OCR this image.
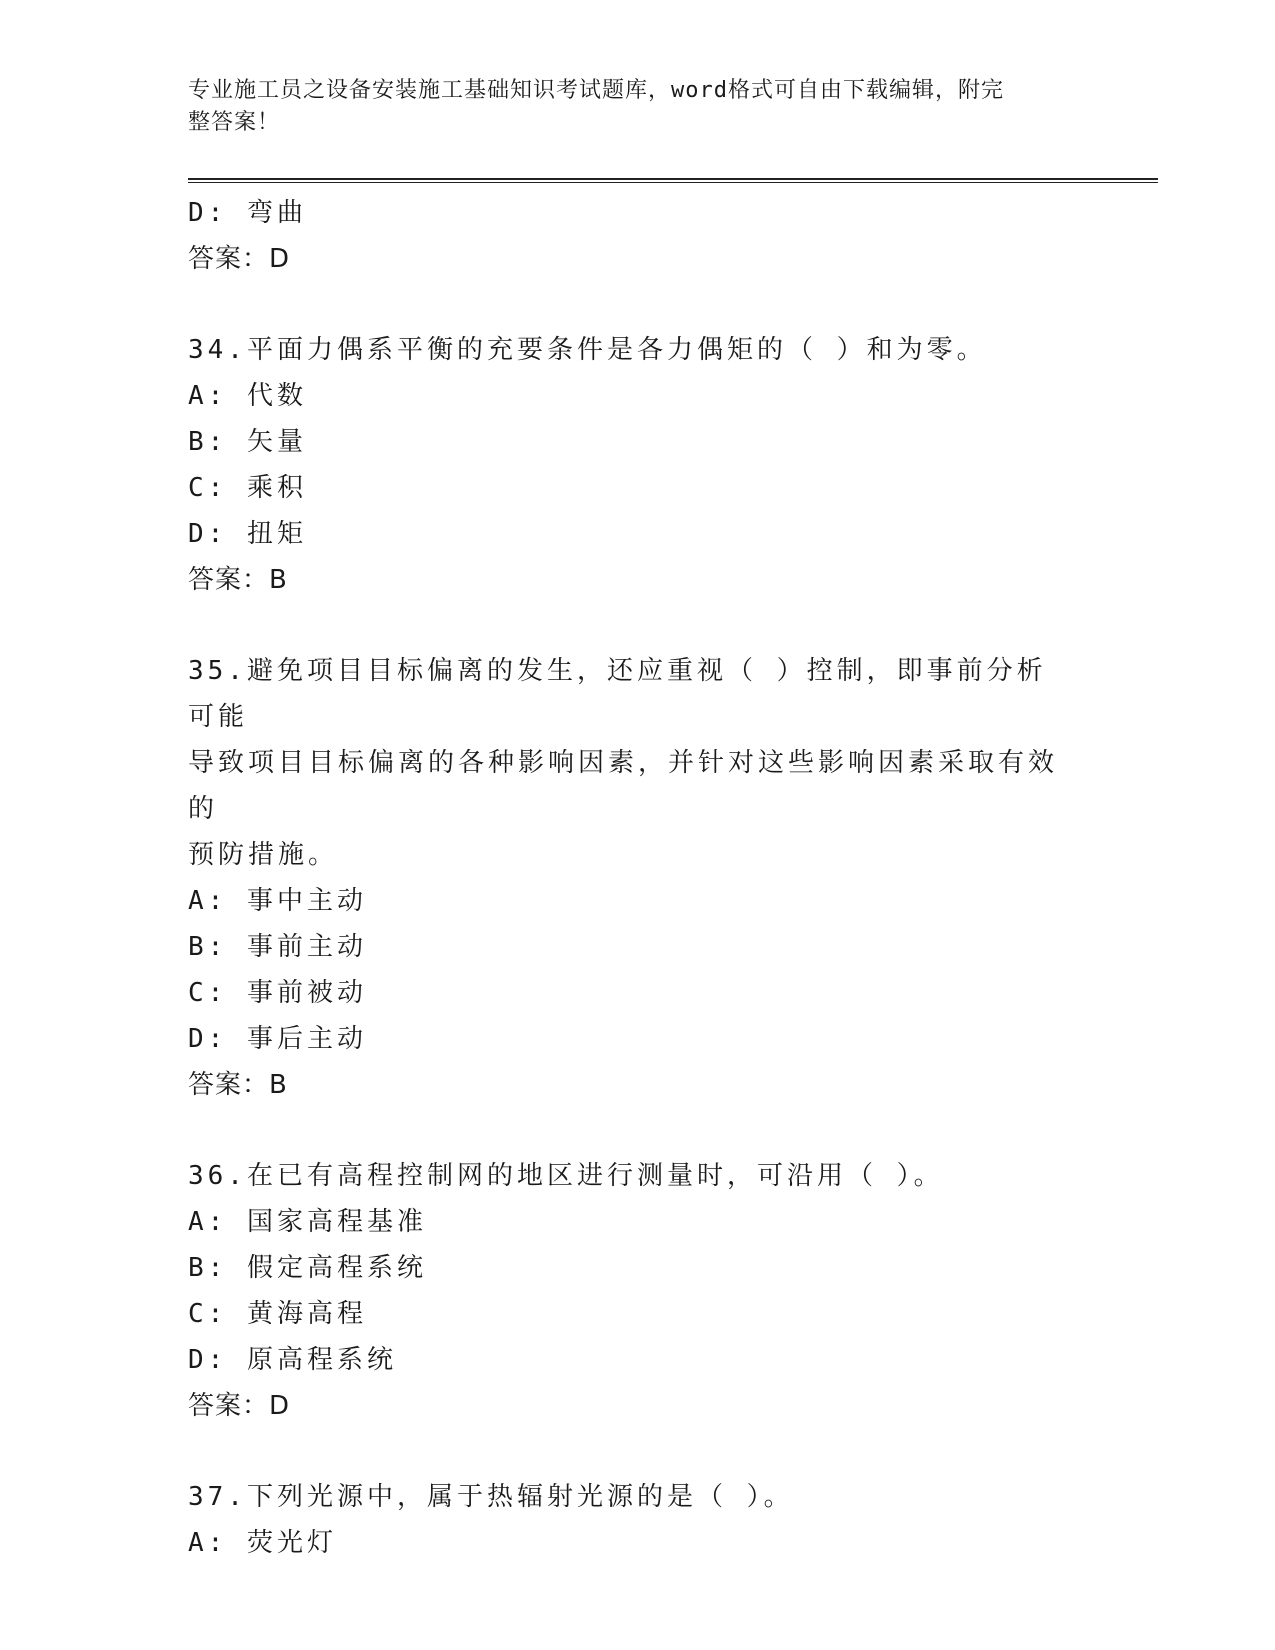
专业施工员之设备安装施工基础知识考试题库，word格式可自由下载编辑，附完
整答案！
D: 弯曲
答案：D
34.平面力偶系平衡的充要条件是各力偶矩的（ ）和为零。
A: 代数
B: 矢量
C: 乘积
D: 扭矩
答案：B
35.避免项目目标偏离的发生，还应重视（ ）控制，即事前分析可能
导致项目目标偏离的各种影响因素，并针对这些影响因素采取有效的
预防措施。
A: 事中主动
B: 事前主动
C: 事前被动
D: 事后主动
答案：B
36.在已有高程控制网的地区进行测量时，可沿用（ ）。
A: 国家高程基准
B: 假定高程系统
C: 黄海高程
D: 原高程系统
答案：D
37.下列光源中，属于热辐射光源的是（ ）。
A: 荧光灯
